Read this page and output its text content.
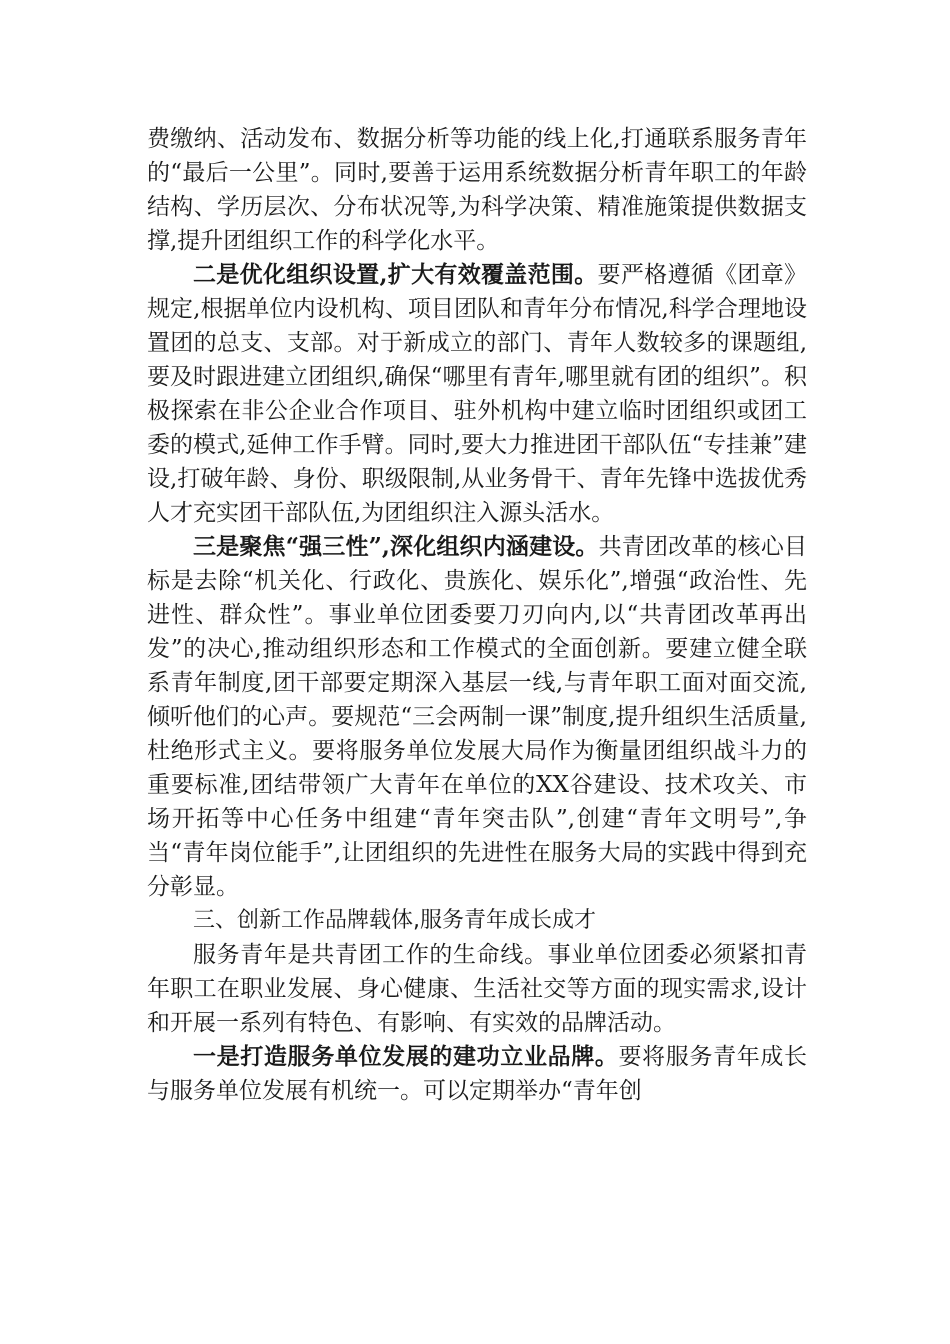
费缴纳、活动发布、数据分析等功能的线上化,打通联系服务青年的“最后一公里”。同时,要善于运用系统数据分析青年职工的年龄结构、学历层次、分布状况等,为科学决策、精准施策提供数据支撑,提升团组织工作的科学化水平。

二是优化组织设置,扩大有效覆盖范围。要严格遵循《团章》规定,根据单位内设机构、项目团队和青年分布情况,科学合理地设置团的总支、支部。对于新成立的部门、青年人数较多的课题组,要及时跟进建立团组织,确保“哪里有青年,哪里就有团的组织”。积极探索在非公企业合作项目、驻外机构中建立临时团组织或团工委的模式,延伸工作手臂。同时,要大力推进团干部队伍“专挂兼”建设,打破年龄、身份、职级限制,从业务骨干、青年先锋中选拔优秀人才充实团干部队伍,为团组织注入源头活水。

三是聚焦“强三性”,深化组织内涵建设。共青团改革的核心目标是去除“机关化、行政化、贵族化、娱乐化”,增强“政治性、先进性、群众性”。事业单位团委要刀刃向内,以“共青团改革再出发”的决心,推动组织形态和工作模式的全面创新。要建立健全联系青年制度,团干部要定期深入基层一线,与青年职工面对面交流,倾听他们的心声。要规范“三会两制一课”制度,提升组织生活质量,杜绝形式主义。要将服务单位发展大局作为衡量团组织战斗力的重要标准,团结带领广大青年在单位的XX谷建设、技术攻关、市场开拓等中心任务中组建“青年突击队”,创建“青年文明号”,争当“青年岗位能手”,让团组织的先进性在服务大局的实践中得到充分彰显。

三、创新工作品牌载体,服务青年成长成才

服务青年是共青团工作的生命线。事业单位团委必须紧扣青年职工在职业发展、身心健康、生活社交等方面的现实需求,设计和开展一系列有特色、有影响、有实效的品牌活动。

一是打造服务单位发展的建功立业品牌。要将服务青年成长与服务单位发展有机统一。可以定期举办“青年创
